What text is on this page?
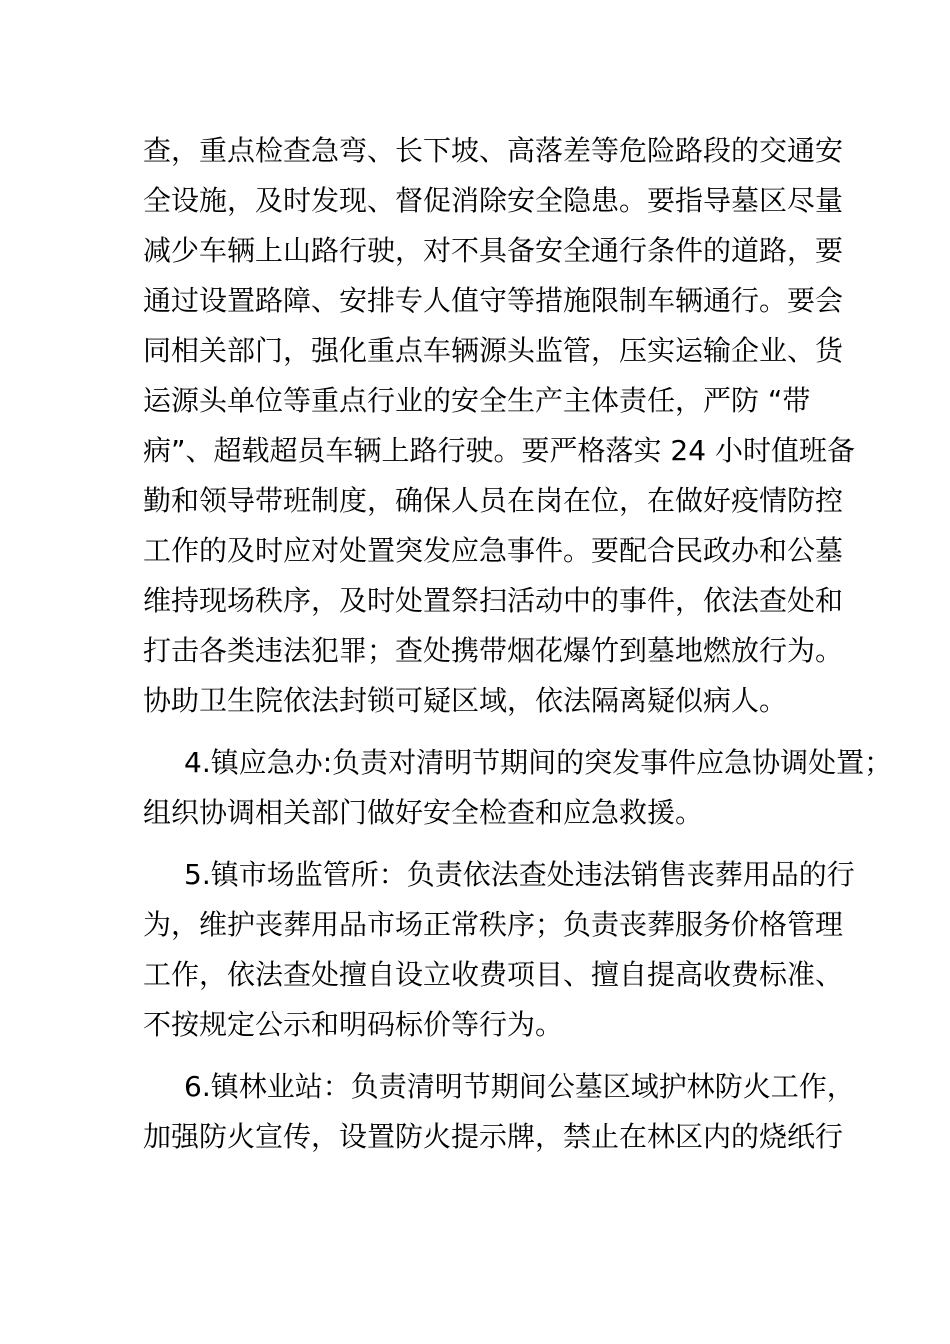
查，重点检查急弯、长下坡、高落差等危险路段的交通安
全设施，及时发现、督促消除安全隐患。要指导墓区尽量
减少车辆上山路行驶，对不具备安全通行条件的道路，要
通过设置路障、安排专人值守等措施限制车辆通行。要会
同相关部门，强化重点车辆源头监管，压实运输企业、货
运源头单位等重点行业的安全生产主体责任，严防 “带
病”、超载超员车辆上路行驶。要严格落实 24 小时值班备
勤和领导带班制度，确保人员在岗在位，在做好疫情防控
工作的及时应对处置突发应急事件。要配合民政办和公墓
维持现场秩序，及时处置祭扫活动中的事件，依法查处和
打击各类违法犯罪；查处携带烟花爆竹到墓地燃放行为。
协助卫生院依法封锁可疑区域，依法隔离疑似病人。
4.镇应急办:负责对清明节期间的突发事件应急协调处置；
组织协调相关部门做好安全检查和应急救援。
5.镇市场监管所：负责依法查处违法销售丧葬用品的行
为，维护丧葬用品市场正常秩序；负责丧葬服务价格管理
工作，依法查处擅自设立收费项目、擅自提高收费标准、
不按规定公示和明码标价等行为。
6.镇林业站：负责清明节期间公墓区域护林防火工作，
加强防火宣传，设置防火提示牌，禁止在林区内的烧纸行
